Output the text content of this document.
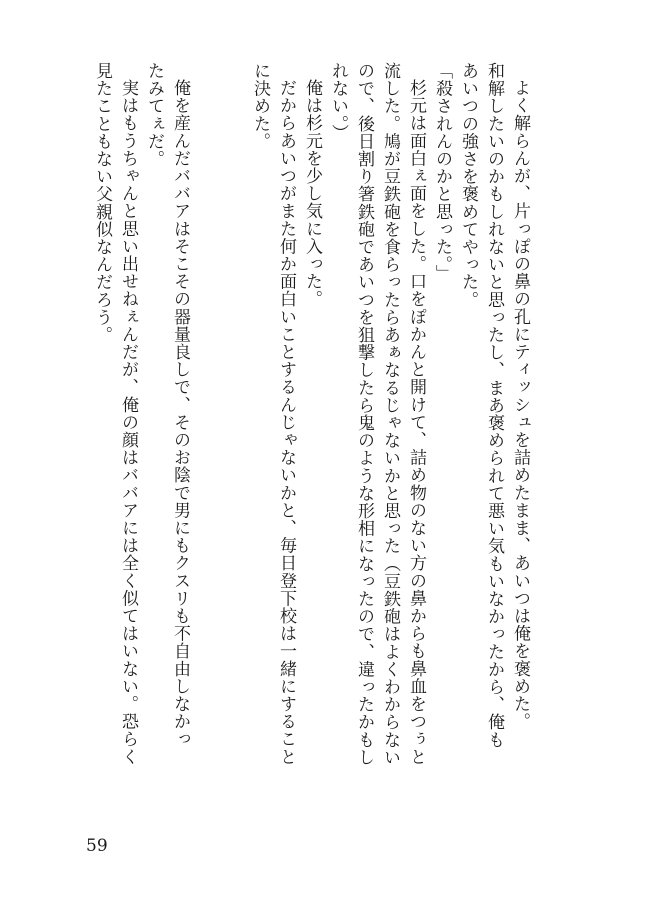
よく解らんが、片っぽの鼻の孔にティッシュを詰めたまま、あいつは俺を褒めた。
和解したいのかもしれないと思ったし、まあ褒められて悪い気もいなかったから、俺も
あいつの強さを褒めてやった。
「殺されんのかと思った。」
杉元は面白ぇ面をした。口をぽかんと開けて、詰め物のない方の鼻からも鼻血をつぅと
流した。鳩が豆鉄砲を食らったらあぁなるじゃないかと思った（豆鉄砲はよくわからない
ので、後日割り箸鉄砲であいつを狙撃したら鬼のような形相になったので、違ったかもし
れない。）
俺は杉元を少し気に入った。
だからあいつがまた何か面白いことするんじゃないかと、毎日登下校は一緒にすること
に決めた。
俺を産んだババアはそこその器量良しで、そのお陰で男にもクスリも不自由しなかっ
たみてぇだ。
実はもうちゃんと思い出せねぇんだが、俺の顔はババアには全く似てはいない。恐らく
見たこともない父親似なんだろう。
59
